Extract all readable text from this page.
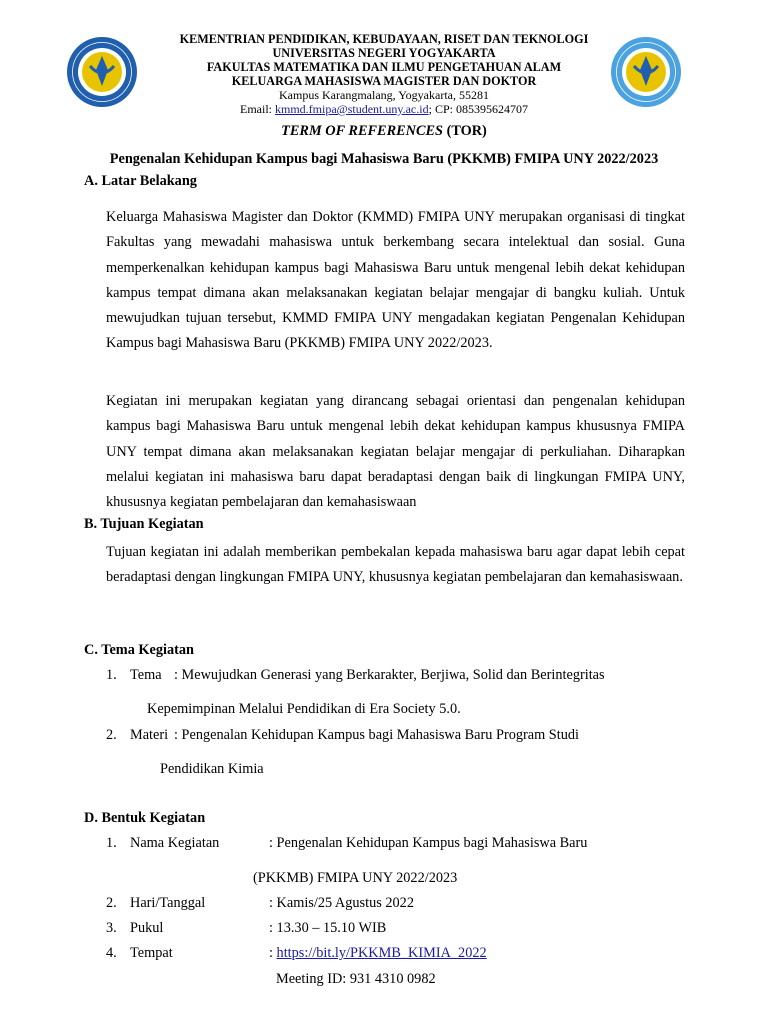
KEMENTRIAN PENDIDIKAN, KEBUDAYAAN, RISET DAN TEKNOLOGI
UNIVERSITAS NEGERI YOGYAKARTA
FAKULTAS MATEMATIKA DAN ILMU PENGETAHUAN ALAM
KELUARGA MAHASISWA MAGISTER DAN DOKTOR
Kampus Karangmalang, Yogyakarta, 55281
Email: kmmd.fmipa@student.uny.ac.id; CP: 085395624707
TERM OF REFERENCES (TOR)
Pengenalan Kehidupan Kampus bagi Mahasiswa Baru (PKKMB) FMIPA UNY 2022/2023
A. Latar Belakang
Keluarga Mahasiswa Magister dan Doktor (KMMD) FMIPA UNY merupakan organisasi di tingkat Fakultas yang mewadahi mahasiswa untuk berkembang secara intelektual dan sosial. Guna memperkenalkan kehidupan kampus bagi Mahasiswa Baru untuk mengenal lebih dekat kehidupan kampus tempat dimana akan melaksanakan kegiatan belajar mengajar di bangku kuliah. Untuk mewujudkan tujuan tersebut, KMMD FMIPA UNY mengadakan kegiatan Pengenalan Kehidupan Kampus bagi Mahasiswa Baru (PKKMB) FMIPA UNY 2022/2023.
Kegiatan ini merupakan kegiatan yang dirancang sebagai orientasi dan pengenalan kehidupan kampus bagi Mahasiswa Baru untuk mengenal lebih dekat kehidupan kampus khususnya FMIPA UNY tempat dimana akan melaksanakan kegiatan belajar mengajar di perkuliahan. Diharapkan melalui kegiatan ini mahasiswa baru dapat beradaptasi dengan baik di lingkungan FMIPA UNY, khususnya kegiatan pembelajaran dan kemahasiswaan
B. Tujuan Kegiatan
Tujuan kegiatan ini adalah memberikan pembekalan kepada mahasiswa baru agar dapat lebih cepat beradaptasi dengan lingkungan FMIPA UNY, khususnya kegiatan pembelajaran dan kemahasiswaan.
C. Tema Kegiatan
1. Tema : Mewujudkan Generasi yang Berkarakter, Berjiwa, Solid dan Berintegritas
Kepemimpinan Melalui Pendidikan di Era Society 5.0.
2. Materi : Pengenalan Kehidupan Kampus bagi Mahasiswa Baru Program Studi
Pendidikan Kimia
D. Bentuk Kegiatan
1. Nama Kegiatan	: Pengenalan Kehidupan Kampus bagi Mahasiswa Baru
(PKKMB) FMIPA UNY 2022/2023
2. Hari/Tanggal	: Kamis/25 Agustus 2022
3. Pukul	: 13.30 – 15.10 WIB
4. Tempat	: https://bit.ly/PKKMB_KIMIA_2022
Meeting ID: 931 4310 0982
